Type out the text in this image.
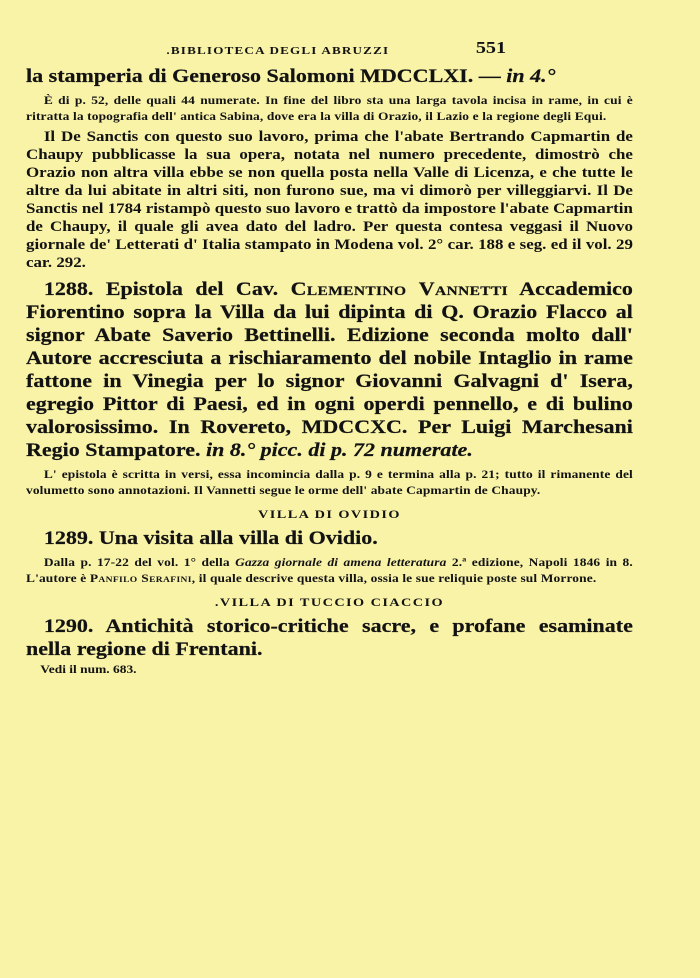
.BIBLIOTECA DEGLI ABRUZZI	551

la stamperia di Generoso Salomoni MDCCLXI. — in 4.°

È di p. 52, delle quali 44 numerate. In fine del libro sta una larga tavola incisa in rame, in cui è ritratta la topografia dell' antica Sabina, dove era la villa di Orazio, il Lazio e la regione degli Equi.

Il De Sanctis con questo suo lavoro, prima che l'abate Bertrando Capmartin de Chaupy pubblicasse la sua opera, notata nel numero precedente, dimostrò che Orazio non altra villa ebbe se non quella posta nella Valle di Licenza, e che tutte le altre da lui abitate in altri siti, non furono sue, ma vi dimorò per villeggiarvi. Il De Sanctis nel 1784 ristampò questo suo lavoro e trattò da impostore l'abate Capmartin de Chaupy, il quale gli avea dato del ladro. Per questa contesa veggasi il Nuovo giornale de' Letterati d' Italia stampato in Modena vol. 2° car. 188 e seg. ed il vol. 29 car. 292.

1288. Epistola del Cav. Clementino Vannetti Accademico Fiorentino sopra la Villa da lui dipinta di Q. Orazio Flacco al signor Abate Saverio Bettinelli. Edizione seconda molto dall' Autore accresciuta a rischiaramento del nobile Intaglio in rame fattone in Vinegia per lo signor Giovanni Galvagni d' Isera, egregio Pittor di Paesi, ed in ogni operdi pennello, e di bulino valorosissimo. In Rovereto, MDCCXC. Per Luigi Marchesani Regio Stampatore. in 8.° picc. di p. 72 numerate.

L' epistola è scritta in versi, essa incomincia dalla p. 9 e termina alla p. 21; tutto il rimanente del volumetto sono annotazioni. Il Vannetti segue le orme dell' abate Capmartin de Chaupy.

VILLA DI OVIDIO

1289. Una visita alla villa di Ovidio.

Dalla p. 17-22 del vol. 1° della Gazza giornale di amena letteratura 2.ª edizione, Napoli 1846 in 8. L'autore è Panfilo Serafini, il quale descrive questa villa, ossia le sue reliquie poste sul Morrone.

.VILLA DI TUCCIO CIACCIO

1290. Antichità storico-critiche sacre, e profane esaminate nella regione di Frentani.

Vedi il num. 683.
